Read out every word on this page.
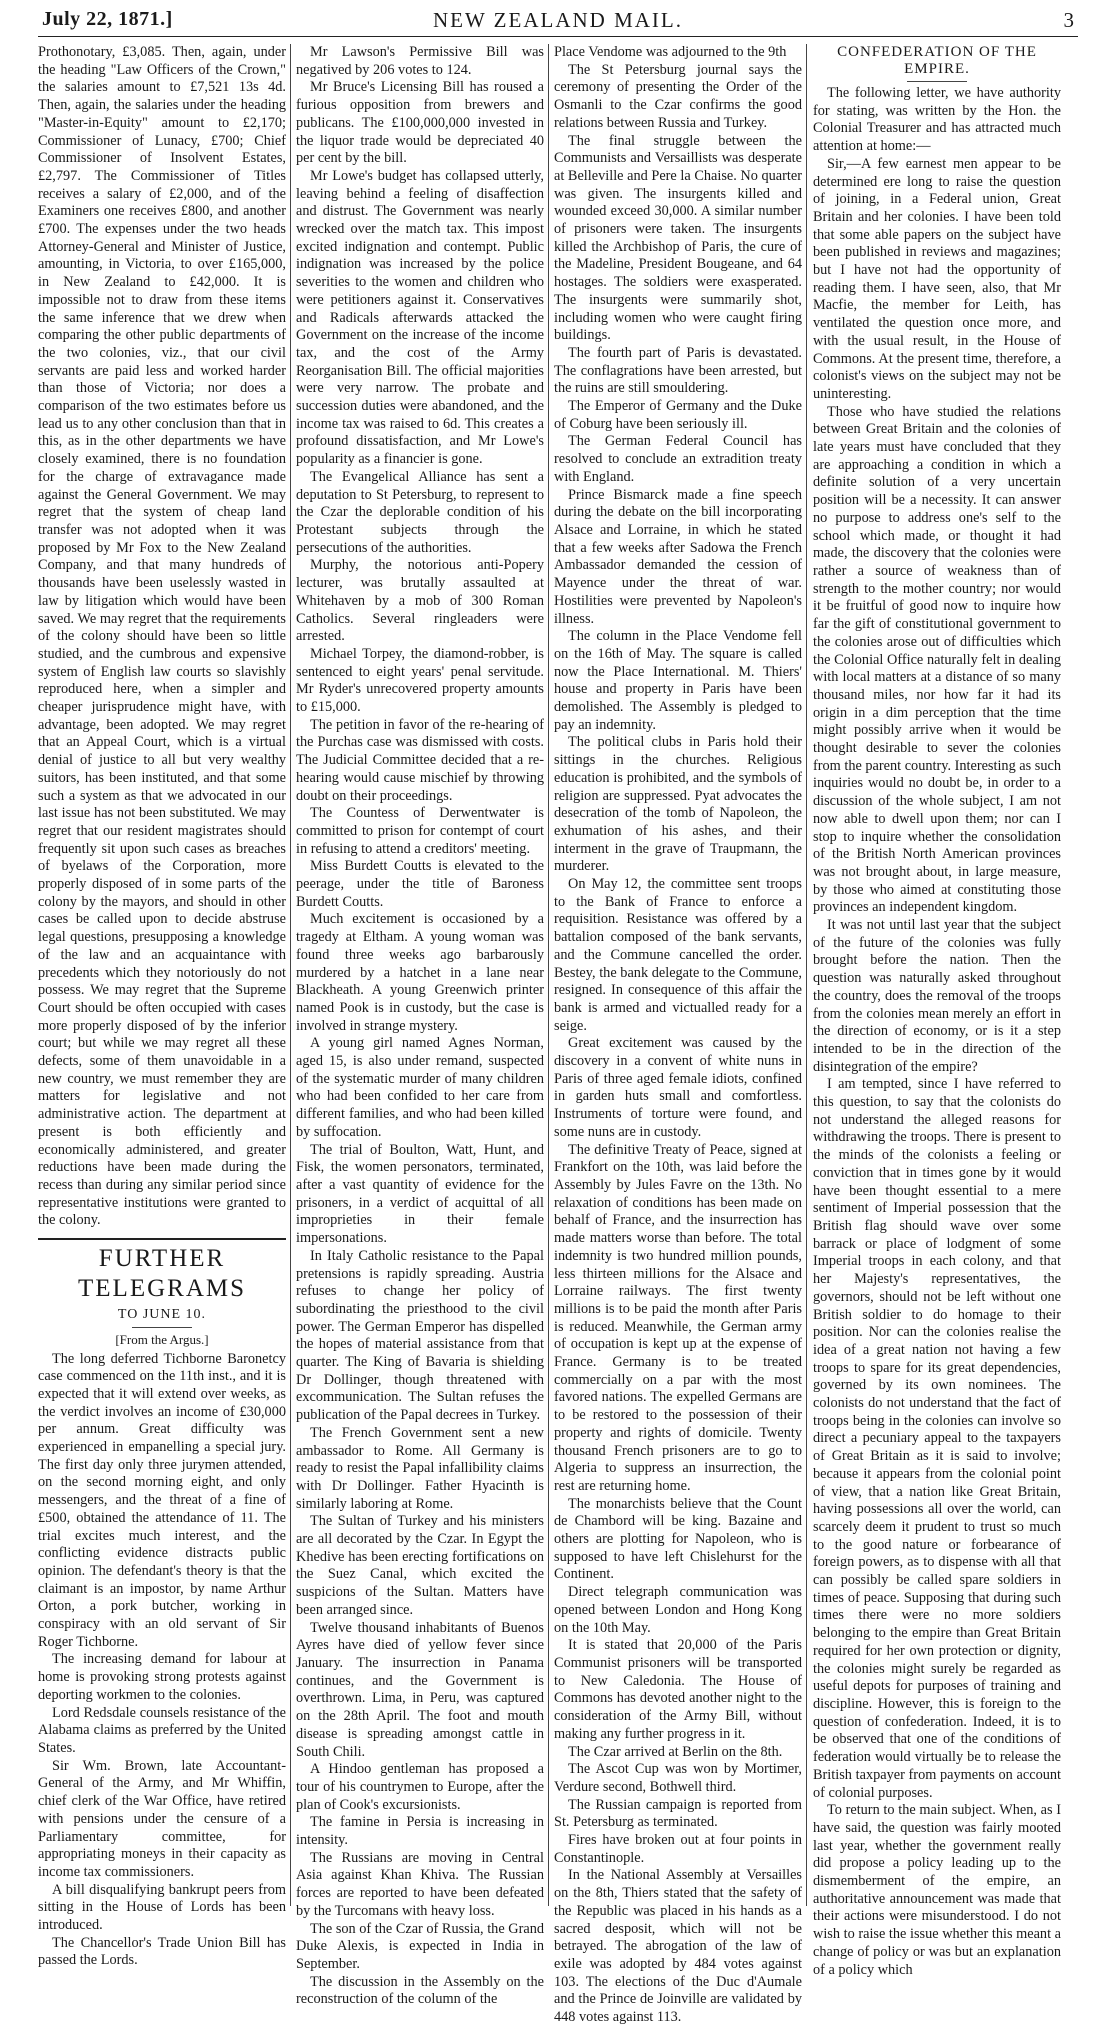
July 22, 1871.]	NEW ZEALAND MAIL.	3

Prothonotary, £3,085. Then, again, under the heading "Law Officers of the Crown," the salaries amount to £7,521 13s 4d. Then, again, the salaries under the heading "Master-in-Equity" amount to £2,170; Commissioner of Lunacy, £700; Chief Commissioner of Insolvent Estates, £2,797. The Commissioner of Titles receives a salary of £2,000, and of the Examiners one receives £800, and another £700. The expenses under the two heads Attorney-General and Minister of Justice, amounting, in Victoria, to over £165,000, in New Zealand to £42,000. It is impossible not to draw from these items the same inference that we drew when comparing the other public departments of the two colonies, viz., that our civil servants are paid less and worked harder than those of Victoria; nor does a comparison of the two estimates before us lead us to any other conclusion than that in this, as in the other departments we have closely examined, there is no foundation for the charge of extravagance made against the General Government. We may regret that the system of cheap land transfer was not adopted when it was proposed by Mr Fox to the New Zealand Company, and that many hundreds of thousands have been uselessly wasted in law by litigation which would have been saved. We may regret that the requirements of the colony should have been so little studied, and the cumbrous and expensive system of English law courts so slavishly reproduced here, when a simpler and cheaper jurisprudence might have, with advantage, been adopted. We may regret that an Appeal Court, which is a virtual denial of justice to all but very wealthy suitors, has been instituted, and that some such a system as that we advocated in our last issue has not been substituted. We may regret that our resident magistrates should frequently sit upon such cases as breaches of byelaws of the Corporation, more properly disposed of in some parts of the colony by the mayors, and should in other cases be called upon to decide abstruse legal questions, presupposing a knowledge of the law and an acquaintance with precedents which they notoriously do not possess. We may regret that the Supreme Court should be often occupied with cases more properly disposed of by the inferior court; but while we may regret all these defects, some of them unavoidable in a new country, we must remember they are matters for legislative and not administrative action. The department at present is both efficiently and economically administered, and greater reductions have been made during the recess than during any similar period since representative institutions were granted to the colony.

FURTHER TELEGRAMS
TO JUNE 10.
[From the Argus.]

The long deferred Tichborne Baronetcy case commenced on the 11th inst., and it is expected that it will extend over weeks, as the verdict involves an income of £30,000 per annum. Great difficulty was experienced in empanelling a special jury. The first day only three jurymen attended, on the second morning eight, and only messengers, and the threat of a fine of £500, obtained the attendance of 11. The trial excites much interest, and the conflicting evidence distracts public opinion. The defendant's theory is that the claimant is an impostor, by name Arthur Orton, a pork butcher, working in conspiracy with an old servant of Sir Roger Tichborne.

The increasing demand for labour at home is provoking strong protests against deporting workmen to the colonies.

Lord Redsdale counsels resistance of the Alabama claims as preferred by the United States.

Sir Wm. Brown, late Accountant-General of the Army, and Mr Whiffin, chief clerk of the War Office, have retired with pensions under the censure of a Parliamentary committee, for appropriating moneys in their capacity as income tax commissioners.

A bill disqualifying bankrupt peers from sitting in the House of Lords has been introduced.

The Chancellor's Trade Union Bill has passed the Lords.

Mr Lawson's Permissive Bill was negatived by 206 votes to 124.

Mr Bruce's Licensing Bill has roused a furious opposition from brewers and publicans. The £100,000,000 invested in the liquor trade would be depreciated 40 per cent by the bill.

Mr Lowe's budget has collapsed utterly, leaving behind a feeling of disaffection and distrust. The Government was nearly wrecked over the match tax. This impost excited indignation and contempt. Public indignation was increased by the police severities to the women and children who were petitioners against it. Conservatives and Radicals afterwards attacked the Government on the increase of the income tax, and the cost of the Army Reorganisation Bill. The official majorities were very narrow. The probate and succession duties were abandoned, and the income tax was raised to 6d. This creates a profound dissatisfaction, and Mr Lowe's popularity as a financier is gone.

The Evangelical Alliance has sent a deputation to St Petersburg, to represent to the Czar the deplorable condition of his Protestant subjects through the persecutions of the authorities.

Murphy, the notorious anti-Popery lecturer, was brutally assaulted at Whitehaven by a mob of 300 Roman Catholics. Several ringleaders were arrested.

Michael Torpey, the diamond-robber, is sentenced to eight years' penal servitude. Mr Ryder's unrecovered property amounts to £15,000.

The petition in favor of the re-hearing of the Purchas case was dismissed with costs. The Judicial Committee decided that a re-hearing would cause mischief by throwing doubt on their proceedings.

The Countess of Derwentwater is committed to prison for contempt of court in refusing to attend a creditors' meeting.

Miss Burdett Coutts is elevated to the peerage, under the title of Baroness Burdett Coutts.

Much excitement is occasioned by a tragedy at Eltham. A young woman was found three weeks ago barbarously murdered by a hatchet in a lane near Blackheath. A young Greenwich printer named Pook is in custody, but the case is involved in strange mystery.

A young girl named Agnes Norman, aged 15, is also under remand, suspected of the systematic murder of many children who had been confided to her care from different families, and who had been killed by suffocation.

The trial of Boulton, Watt, Hunt, and Fisk, the women personators, terminated, after a vast quantity of evidence for the prisoners, in a verdict of acquittal of all improprieties in their female impersonations.

In Italy Catholic resistance to the Papal pretensions is rapidly spreading. Austria refuses to change her policy of subordinating the priesthood to the civil power. The German Emperor has dispelled the hopes of material assistance from that quarter. The King of Bavaria is shielding Dr Dollinger, though threatened with excommunication. The Sultan refuses the publication of the Papal decrees in Turkey.

The French Government sent a new ambassador to Rome. All Germany is ready to resist the Papal infallibility claims with Dr Dollinger. Father Hyacinth is similarly laboring at Rome.

The Sultan of Turkey and his ministers are all decorated by the Czar. In Egypt the Khedive has been erecting fortifications on the Suez Canal, which excited the suspicions of the Sultan. Matters have been arranged since.

Twelve thousand inhabitants of Buenos Ayres have died of yellow fever since January. The insurrection in Panama continues, and the Government is overthrown. Lima, in Peru, was captured on the 28th April. The foot and mouth disease is spreading amongst cattle in South Chili.

A Hindoo gentleman has proposed a tour of his countrymen to Europe, after the plan of Cook's excursionists.

The famine in Persia is increasing in intensity.

The Russians are moving in Central Asia against Khan Khiva. The Russian forces are reported to have been defeated by the Turcomans with heavy loss.

The son of the Czar of Russia, the Grand Duke Alexis, is expected in India in September.

The discussion in the Assembly on the reconstruction of the column of the

Place Vendome was adjourned to the 9th

The St Petersburg journal says the ceremony of presenting the Order of the Osmanli to the Czar confirms the good relations between Russia and Turkey.

The final struggle between the Communists and Versaillists was desperate at Belleville and Pere la Chaise. No quarter was given. The insurgents killed and wounded exceed 30,000. A similar number of prisoners were taken. The insurgents killed the Archbishop of Paris, the cure of the Madeline, President Bougeane, and 64 hostages. The soldiers were exasperated. The insurgents were summarily shot, including women who were caught firing buildings.

The fourth part of Paris is devastated. The conflagrations have been arrested, but the ruins are still smouldering.

The Emperor of Germany and the Duke of Coburg have been seriously ill.

The German Federal Council has resolved to conclude an extradition treaty with England.

Prince Bismarck made a fine speech during the debate on the bill incorporating Alsace and Lorraine, in which he stated that a few weeks after Sadowa the French Ambassador demanded the cession of Mayence under the threat of war. Hostilities were prevented by Napoleon's illness.

The column in the Place Vendome fell on the 16th of May. The square is called now the Place International. M. Thiers' house and property in Paris have been demolished. The Assembly is pledged to pay an indemnity.

The political clubs in Paris hold their sittings in the churches. Religious education is prohibited, and the symbols of religion are suppressed. Pyat advocates the desecration of the tomb of Napoleon, the exhumation of his ashes, and their interment in the grave of Traupmann, the murderer.

On May 12, the committee sent troops to the Bank of France to enforce a requisition. Resistance was offered by a battalion composed of the bank servants, and the Commune cancelled the order. Bestey, the bank delegate to the Commune, resigned. In consequence of this affair the bank is armed and victualled ready for a seige.

Great excitement was caused by the discovery in a convent of white nuns in Paris of three aged female idiots, confined in garden huts small and comfortless. Instruments of torture were found, and some nuns are in custody.

The definitive Treaty of Peace, signed at Frankfort on the 10th, was laid before the Assembly by Jules Favre on the 13th. No relaxation of conditions has been made on behalf of France, and the insurrection has made matters worse than before. The total indemnity is two hundred million pounds, less thirteen millions for the Alsace and Lorraine railways. The first twenty millions is to be paid the month after Paris is reduced. Meanwhile, the German army of occupation is kept up at the expense of France. Germany is to be treated commercially on a par with the most favored nations. The expelled Germans are to be restored to the possession of their property and rights of domicile. Twenty thousand French prisoners are to go to Algeria to suppress an insurrection, the rest are returning home.

The monarchists believe that the Count de Chambord will be king. Bazaine and others are plotting for Napoleon, who is supposed to have left Chislehurst for the Continent.

Direct telegraph communication was opened between London and Hong Kong on the 10th May.

It is stated that 20,000 of the Paris Communist prisoners will be transported to New Caledonia. The House of Commons has devoted another night to the consideration of the Army Bill, without making any further progress in it.

The Czar arrived at Berlin on the 8th.

The Ascot Cup was won by Mortimer, Verdure second, Bothwell third.

The Russian campaign is reported from St. Petersburg as terminated.

Fires have broken out at four points in Constantinople.

In the National Assembly at Versailles on the 8th, Thiers stated that the safety of the Republic was placed in his hands as a sacred desposit, which will not be betrayed. The abrogation of the law of exile was adopted by 484 votes against 103. The elections of the Duc d'Aumale and the Prince de Joinville are validated by 448 votes against 113.

CONFEDERATION OF THE EMPIRE.

The following letter, we have authority for stating, was written by the Hon. the Colonial Treasurer and has attracted much attention at home:—

Sir,—A few earnest men appear to be determined ere long to raise the question of joining, in a Federal union, Great Britain and her colonies. I have been told that some able papers on the subject have been published in reviews and magazines; but I have not had the opportunity of reading them. I have seen, also, that Mr Macfie, the member for Leith, has ventilated the question once more, and with the usual result, in the House of Commons. At the present time, therefore, a colonist's views on the subject may not be uninteresting.

Those who have studied the relations between Great Britain and the colonies of late years must have concluded that they are approaching a condition in which a definite solution of a very uncertain position will be a necessity. It can answer no purpose to address one's self to the school which made, or thought it had made, the discovery that the colonies were rather a source of weakness than of strength to the mother country; nor would it be fruitful of good now to inquire how far the gift of constitutional government to the colonies arose out of difficulties which the Colonial Office naturally felt in dealing with local matters at a distance of so many thousand miles, nor how far it had its origin in a dim perception that the time might possibly arrive when it would be thought desirable to sever the colonies from the parent country. Interesting as such inquiries would no doubt be, in order to a discussion of the whole subject, I am not now able to dwell upon them; nor can I stop to inquire whether the consolidation of the British North American provinces was not brought about, in large measure, by those who aimed at constituting those provinces an independent kingdom.

It was not until last year that the subject of the future of the colonies was fully brought before the nation. Then the question was naturally asked throughout the country, does the removal of the troops from the colonies mean merely an effort in the direction of economy, or is it a step intended to be in the direction of the disintegration of the empire?

I am tempted, since I have referred to this question, to say that the colonists do not understand the alleged reasons for withdrawing the troops. There is present to the minds of the colonists a feeling or conviction that in times gone by it would have been thought essential to a mere sentiment of Imperial possession that the British flag should wave over some barrack or place of lodgment of some Imperial troops in each colony, and that her Majesty's representatives, the governors, should not be left without one British soldier to do homage to their position. Nor can the colonies realise the idea of a great nation not having a few troops to spare for its great dependencies, governed by its own nominees. The colonists do not understand that the fact of troops being in the colonies can involve so direct a pecuniary appeal to the taxpayers of Great Britain as it is said to involve; because it appears from the colonial point of view, that a nation like Great Britain, having possessions all over the world, can scarcely deem it prudent to trust so much to the good nature or forbearance of foreign powers, as to dispense with all that can possibly be called spare soldiers in times of peace. Supposing that during such times there were no more soldiers belonging to the empire than Great Britain required for her own protection or dignity, the colonies might surely be regarded as useful depots for purposes of training and discipline. However, this is foreign to the question of confederation. Indeed, it is to be observed that one of the conditions of federation would virtually be to release the British taxpayer from payments on account of colonial purposes.

To return to the main subject. When, as I have said, the question was fairly mooted last year, whether the government really did propose a policy leading up to the dismemberment of the empire, an authoritative announcement was made that their actions were misunderstood. I do not wish to raise the issue whether this meant a change of policy or was but an explanation of a policy which
